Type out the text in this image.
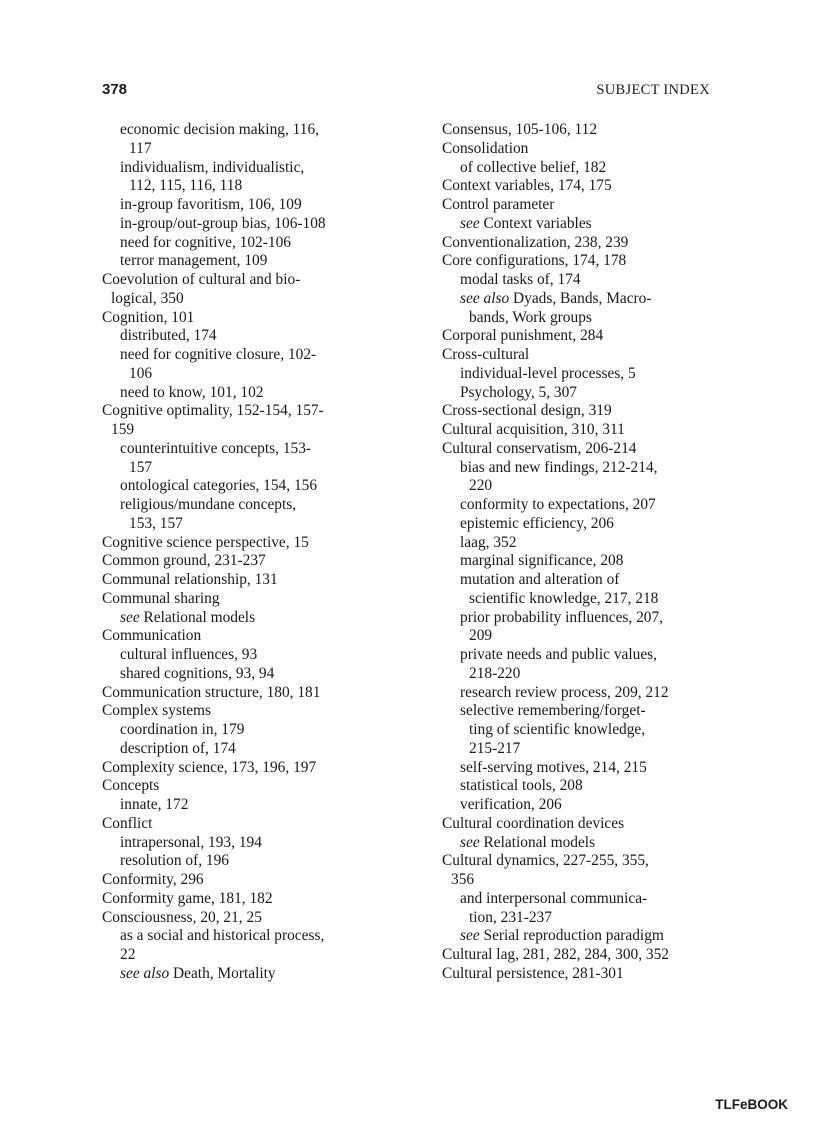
378	SUBJECT INDEX
economic decision making, 116,
117
individualism, individualistic,
112, 115, 116, 118
in-group favoritism, 106, 109
in-group/out-group bias, 106-108
need for cognitive, 102-106
terror management, 109
Coevolution of cultural and bio-
logical, 350
Cognition, 101
distributed, 174
need for cognitive closure, 102-
106
need to know, 101, 102
Cognitive optimality, 152-154, 157-
159
counterintuitive concepts, 153-
157
ontological categories, 154, 156
religious/mundane concepts,
153, 157
Cognitive science perspective, 15
Common ground, 231-237
Communal relationship, 131
Communal sharing
see Relational models
Communication
cultural influences, 93
shared cognitions, 93, 94
Communication structure, 180, 181
Complex systems
coordination in, 179
description of, 174
Complexity science, 173, 196, 197
Concepts
innate, 172
Conflict
intrapersonal, 193, 194
resolution of, 196
Conformity, 296
Conformity game, 181, 182
Consciousness, 20, 21, 25
as a social and historical process,
22
see also Death, Mortality
Consensus, 105-106, 112
Consolidation
of collective belief, 182
Context variables, 174, 175
Control parameter
see Context variables
Conventionalization, 238, 239
Core configurations, 174, 178
modal tasks of, 174
see also Dyads, Bands, Macro-
bands, Work groups
Corporal punishment, 284
Cross-cultural
individual-level processes, 5
Psychology, 5, 307
Cross-sectional design, 319
Cultural acquisition, 310, 311
Cultural conservatism, 206-214
bias and new findings, 212-214,
220
conformity to expectations, 207
epistemic efficiency, 206
laag, 352
marginal significance, 208
mutation and alteration of
scientific knowledge, 217, 218
prior probability influences, 207,
209
private needs and public values,
218-220
research review process, 209, 212
selective remembering/forget-
ting of scientific knowledge,
215-217
self-serving motives, 214, 215
statistical tools, 208
verification, 206
Cultural coordination devices
see Relational models
Cultural dynamics, 227-255, 355,
356
and interpersonal communica-
tion, 231-237
see Serial reproduction paradigm
Cultural lag, 281, 282, 284, 300, 352
Cultural persistence, 281-301
TLFeBOOK
